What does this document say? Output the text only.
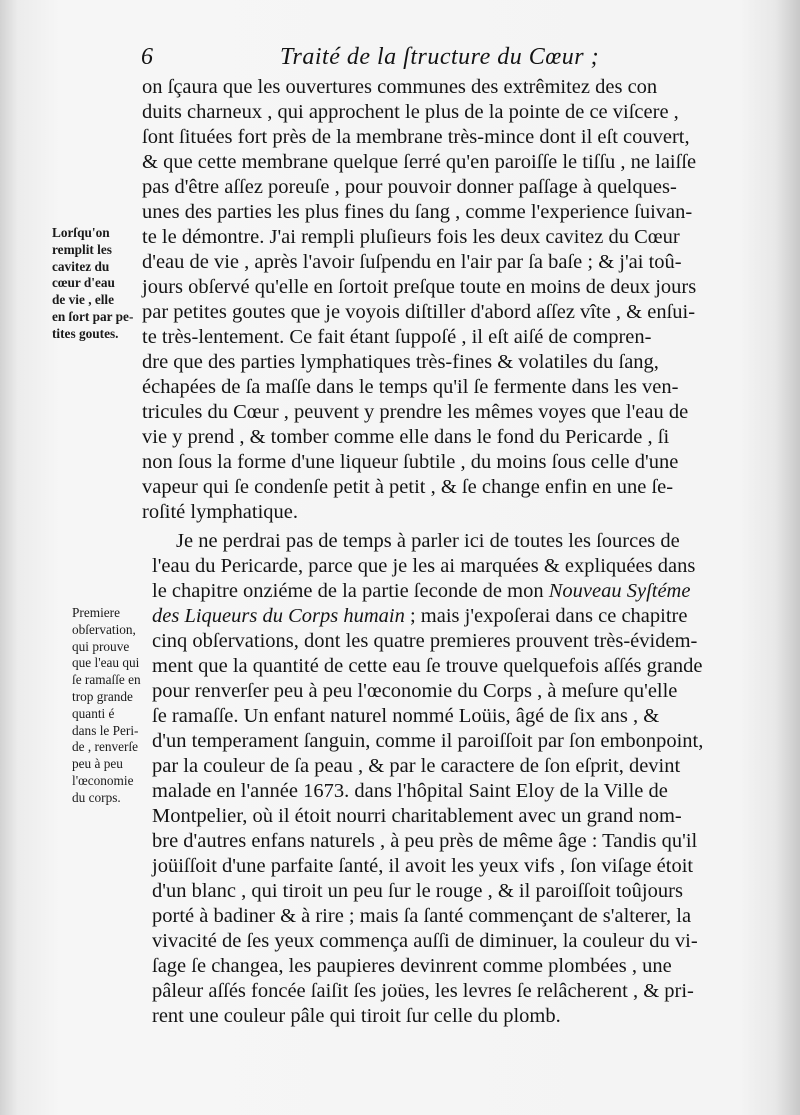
6	Traité de la ſtructure du Cœur ;
Lorſqu'on
remplit les
cavitez du
cœur d'eau
de vie , elle
en ſort par pe-
tites goutes.
Premiere
obſervation,
qui prouve
que l'eau qui
ſe ramaſſe en
trop grande
quanti é
dans le Peri-
de , renverſe
peu à peu
l'œconomie
du corps.
on ſçaura que les ouvertures communes des extrêmitez des con
duits charneux , qui approchent le plus de la pointe de ce viſcere ,
ſont ſituées fort près de la membrane très-mince dont il eſt couvert,
& que cette membrane quelque ſerré qu'en paroiſſe le tiſſu , ne laiſſe
pas d'être aſſez poreuſe , pour pouvoir donner paſſage à quelques-
unes des parties les plus fines du ſang , comme l'experience ſuivan-
te le démontre. J'ai rempli pluſieurs fois les deux cavitez du Cœur
d'eau de vie , après l'avoir ſuſpendu en l'air par ſa baſe ; & j'ai toû-
jours obſervé qu'elle en ſortoit preſque toute en moins de deux jours
par petites goutes que je voyois diſtiller d'abord aſſez vîte , & enſui-
te très-lentement. Ce fait étant ſuppoſé , il eſt aiſé de compren-
dre que des parties lymphatiques très-fines & volatiles du ſang,
échapées de ſa maſſe dans le temps qu'il ſe fermente dans les ven-
tricules du Cœur , peuvent y prendre les mêmes voyes que l'eau de
vie y prend , & tomber comme elle dans le fond du Pericarde , ſi
non ſous la forme d'une liqueur ſubtile , du moins ſous celle d'une
vapeur qui ſe condenſe petit à petit , & ſe change enfin en une ſe-
roſité lymphatique.
Je ne perdrai pas de temps à parler ici de toutes les ſources de
l'eau du Pericarde, parce que je les ai marquées & expliquées dans
le chapitre onziéme de la partie ſeconde de mon Nouveau Syſtéme
des Liqueurs du Corps humain ; mais j'expoſerai dans ce chapitre
cinq obſervations, dont les quatre premieres prouvent très-évidem-
ment que la quantité de cette eau ſe trouve quelquefois aſſés grande
pour renverſer peu à peu l'œconomie du Corps , à meſure qu'elle
ſe ramaſſe. Un enfant naturel nommé Loüis, âgé de ſix ans , &
d'un temperament ſanguin, comme il paroiſſoit par ſon embonpoint,
par la couleur de ſa peau , & par le caractere de ſon eſprit, devint
malade en l'année 1673. dans l'hôpital Saint Eloy de la Ville de
Montpelier, où il étoit nourri charitablement avec un grand nom-
bre d'autres enfans naturels , à peu près de même âge : Tandis qu'il
joüiſſoit d'une parfaite ſanté, il avoit les yeux vifs , ſon viſage étoit
d'un blanc , qui tiroit un peu ſur le rouge , & il paroiſſoit toûjours
porté à badiner & à rire ; mais ſa ſanté commençant de s'alterer, la
vivacité de ſes yeux commença auſſi de diminuer, la couleur du vi-
ſage ſe changea, les paupieres devinrent comme plombées , une
pâleur aſſés foncée ſaiſit ſes joües, les levres ſe relâcherent , & pri-
rent une couleur pâle qui tiroit ſur celle du plomb.
